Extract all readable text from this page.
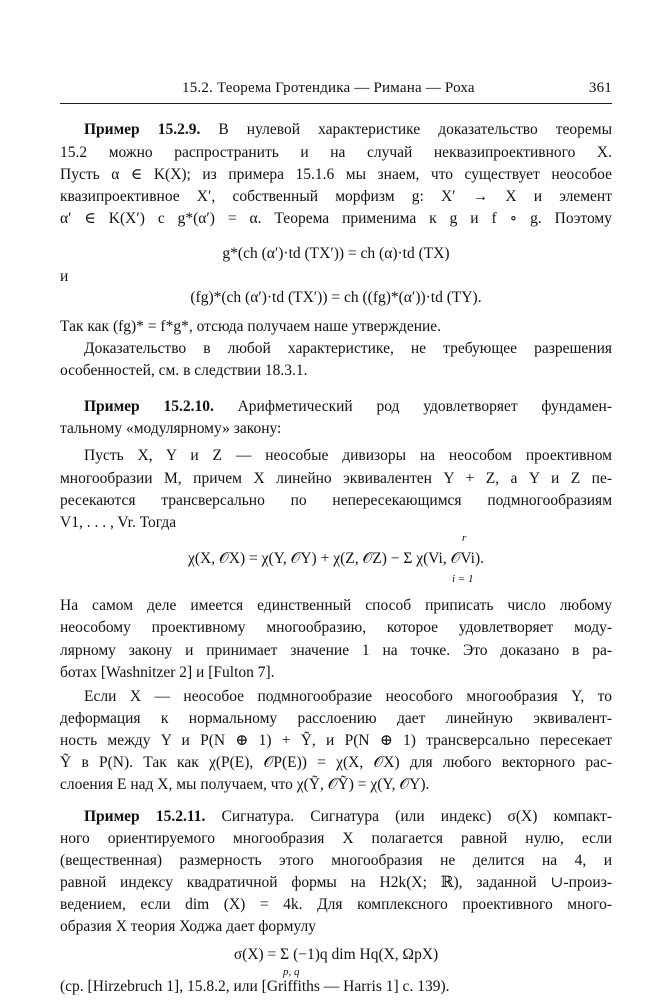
15.2. Теорема Гротендика — Римана — Роха	361
Пример 15.2.9. В нулевой характеристике доказательство теоремы
15.2 можно распространить и на случай неквазипроективного X.
Пусть α ∈ K(X); из примера 15.1.6 мы знаем, что существует неособое
квазипроективное X′, собственный морфизм g: X′ → X и элемент
α′ ∈ K(X′) с g*(α′) = α. Теорема применима к g и f ∘ g. Поэтому
g*(ch (α′)·td (TX′)) = ch (α)·td (TX)
и
(fg)*(ch (α′)·td (TX′)) = ch ((fg)*(α′))·td (TY).
Так как (fg)* = f*g*, отсюда получаем наше утверждение.
Доказательство в любой характеристике, не требующее разрешения
особенностей, см. в следствии 18.3.1.
Пример 15.2.10. Арифметический род удовлетворяет фундамен-
тальному «модулярному» закону:
Пусть X, Y и Z — неособые дивизоры на неособом проективном
многообразии M, причем X линейно эквивалентен Y + Z, а Y и Z пе-
ресекаются трансверсально по непересекающимся подмногообразиям
V1, . . . , Vr. Тогда
χ(X, 𝒪X) = χ(Y, 𝒪Y) + χ(Z, 𝒪Z) − Σ χ(Vi, 𝒪Vi).
r
i = 1
На самом деле имеется единственный способ приписать число любому
неособому проективному многообразию, которое удовлетворяет моду-
лярному закону и принимает значение 1 на точке. Это доказано в ра-
ботах [Washnitzer 2] и [Fulton 7].
Если X — неособое подмногообразие неособого многообразия Y, то
деформация к нормальному расслоению дает линейную эквивалент-
ность между Y и P(N ⊕ 1) + Ỹ, и P(N ⊕ 1) трансверсально пересекает
Ỹ в P(N). Так как χ(P(E), 𝒪P(E)) = χ(X, 𝒪X) для любого векторного рас-
слоения E над X, мы получаем, что χ(Ỹ, 𝒪Ỹ) = χ(Y, 𝒪Y).
Пример 15.2.11. Сигнатура. Сигнатура (или индекс) σ(X) компакт-
ного ориентируемого многообразия X полагается равной нулю, если
(вещественная) размерность этого многообразия не делится на 4, и
равной индексу квадратичной формы на H2k(X; ℝ), заданной ∪-произ-
ведением, если dim (X) = 4k. Для комплексного проективного много-
образия X теория Ходжа дает формулу
σ(X) = Σ (−1)q dim Hq(X, ΩpX)
p, q
(ср. [Hirzebruch 1], 15.8.2, или [Griffiths — Harris 1] с. 139).
